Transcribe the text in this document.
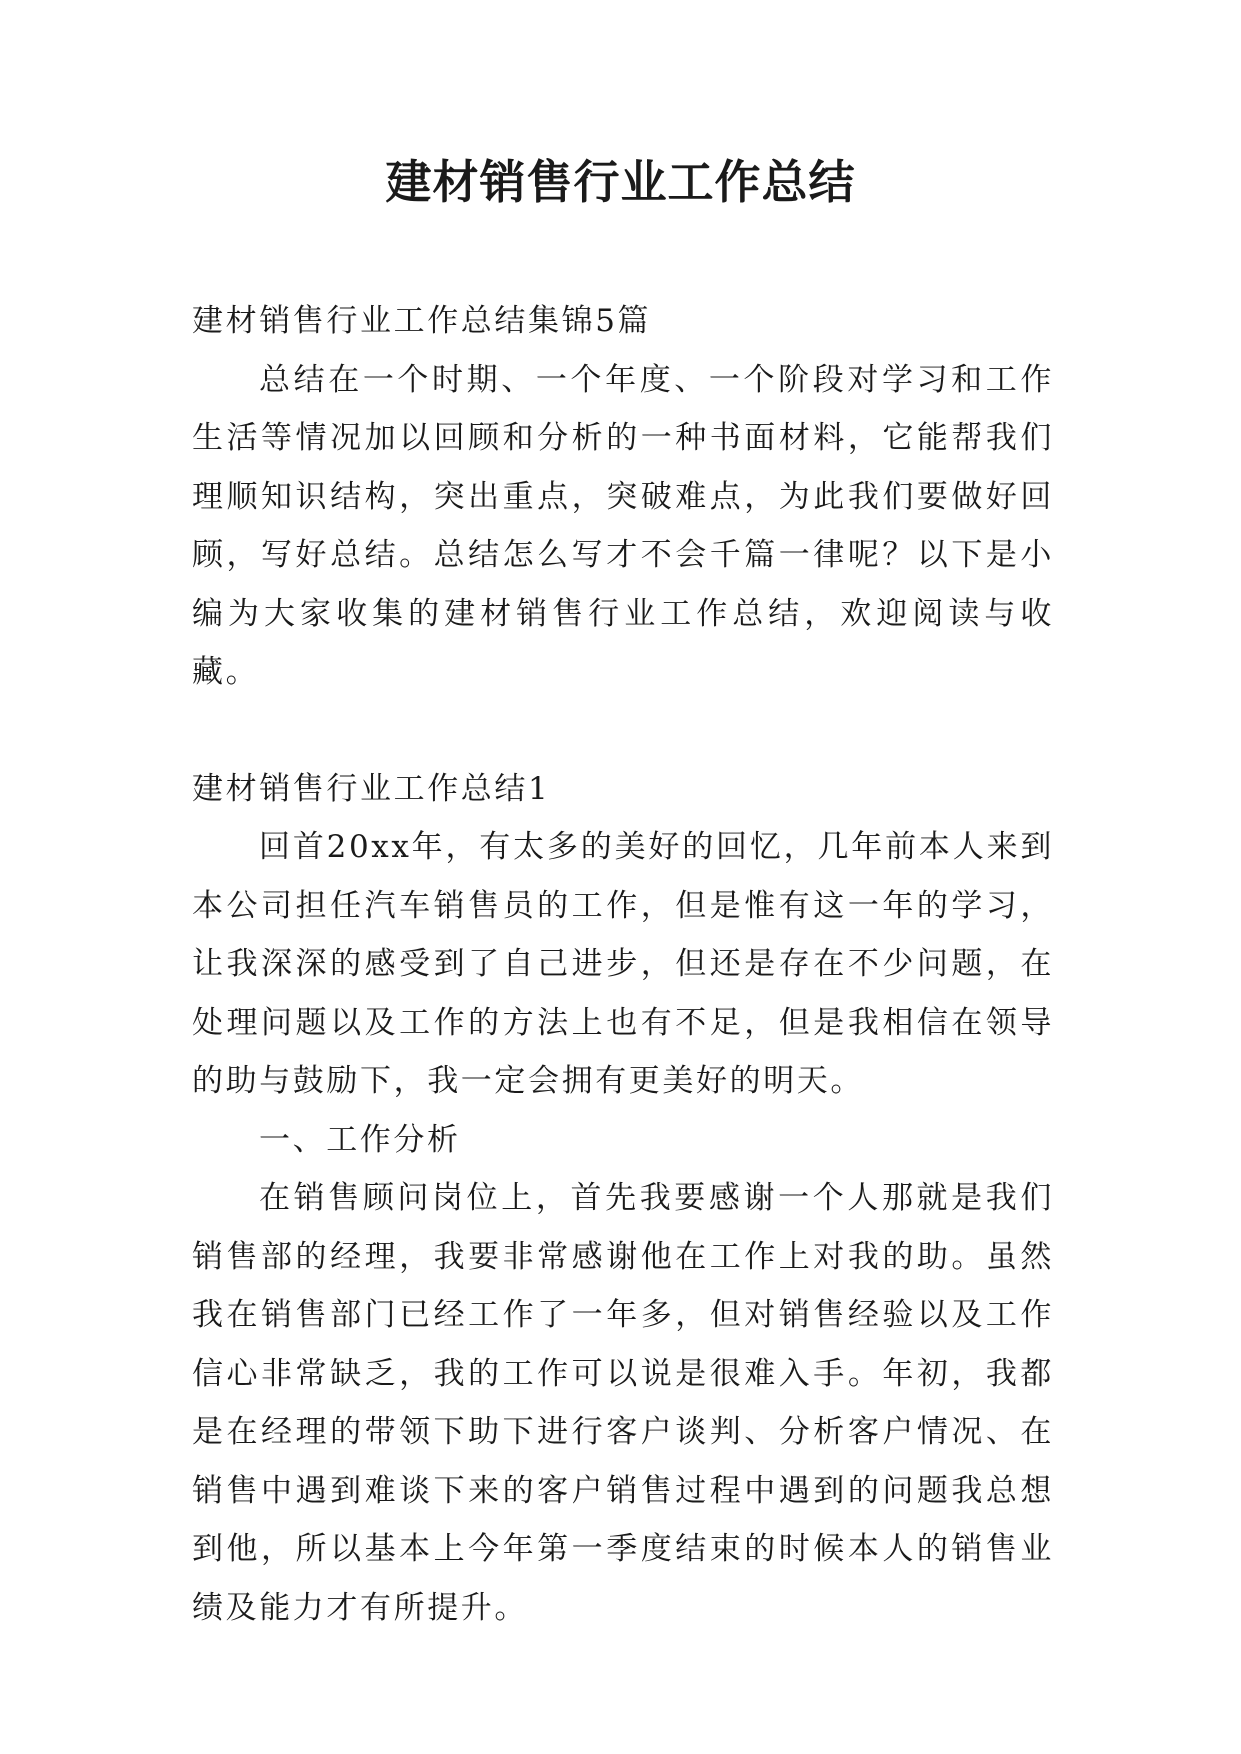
建材销售行业工作总结

建材销售行业工作总结集锦5篇

总结在一个时期、一个年度、一个阶段对学习和工作生活等情况加以回顾和分析的一种书面材料，它能帮我们理顺知识结构，突出重点，突破难点，为此我们要做好回顾，写好总结。总结怎么写才不会千篇一律呢？以下是小编为大家收集的建材销售行业工作总结，欢迎阅读与收藏。

建材销售行业工作总结1

回首20xx年，有太多的美好的回忆，几年前本人来到本公司担任汽车销售员的工作，但是惟有这一年的学习，让我深深的感受到了自己进步，但还是存在不少问题，在处理问题以及工作的方法上也有不足，但是我相信在领导的助与鼓励下，我一定会拥有更美好的明天。

一、工作分析

在销售顾问岗位上，首先我要感谢一个人那就是我们销售部的经理，我要非常感谢他在工作上对我的助。虽然我在销售部门已经工作了一年多，但对销售经验以及工作信心非常缺乏，我的工作可以说是很难入手。年初，我都是在经理的带领下助下进行客户谈判、分析客户情况、在销售中遇到难谈下来的客户销售过程中遇到的问题我总想到他，所以基本上今年第一季度结束的时候本人的销售业绩及能力才有所提升。
